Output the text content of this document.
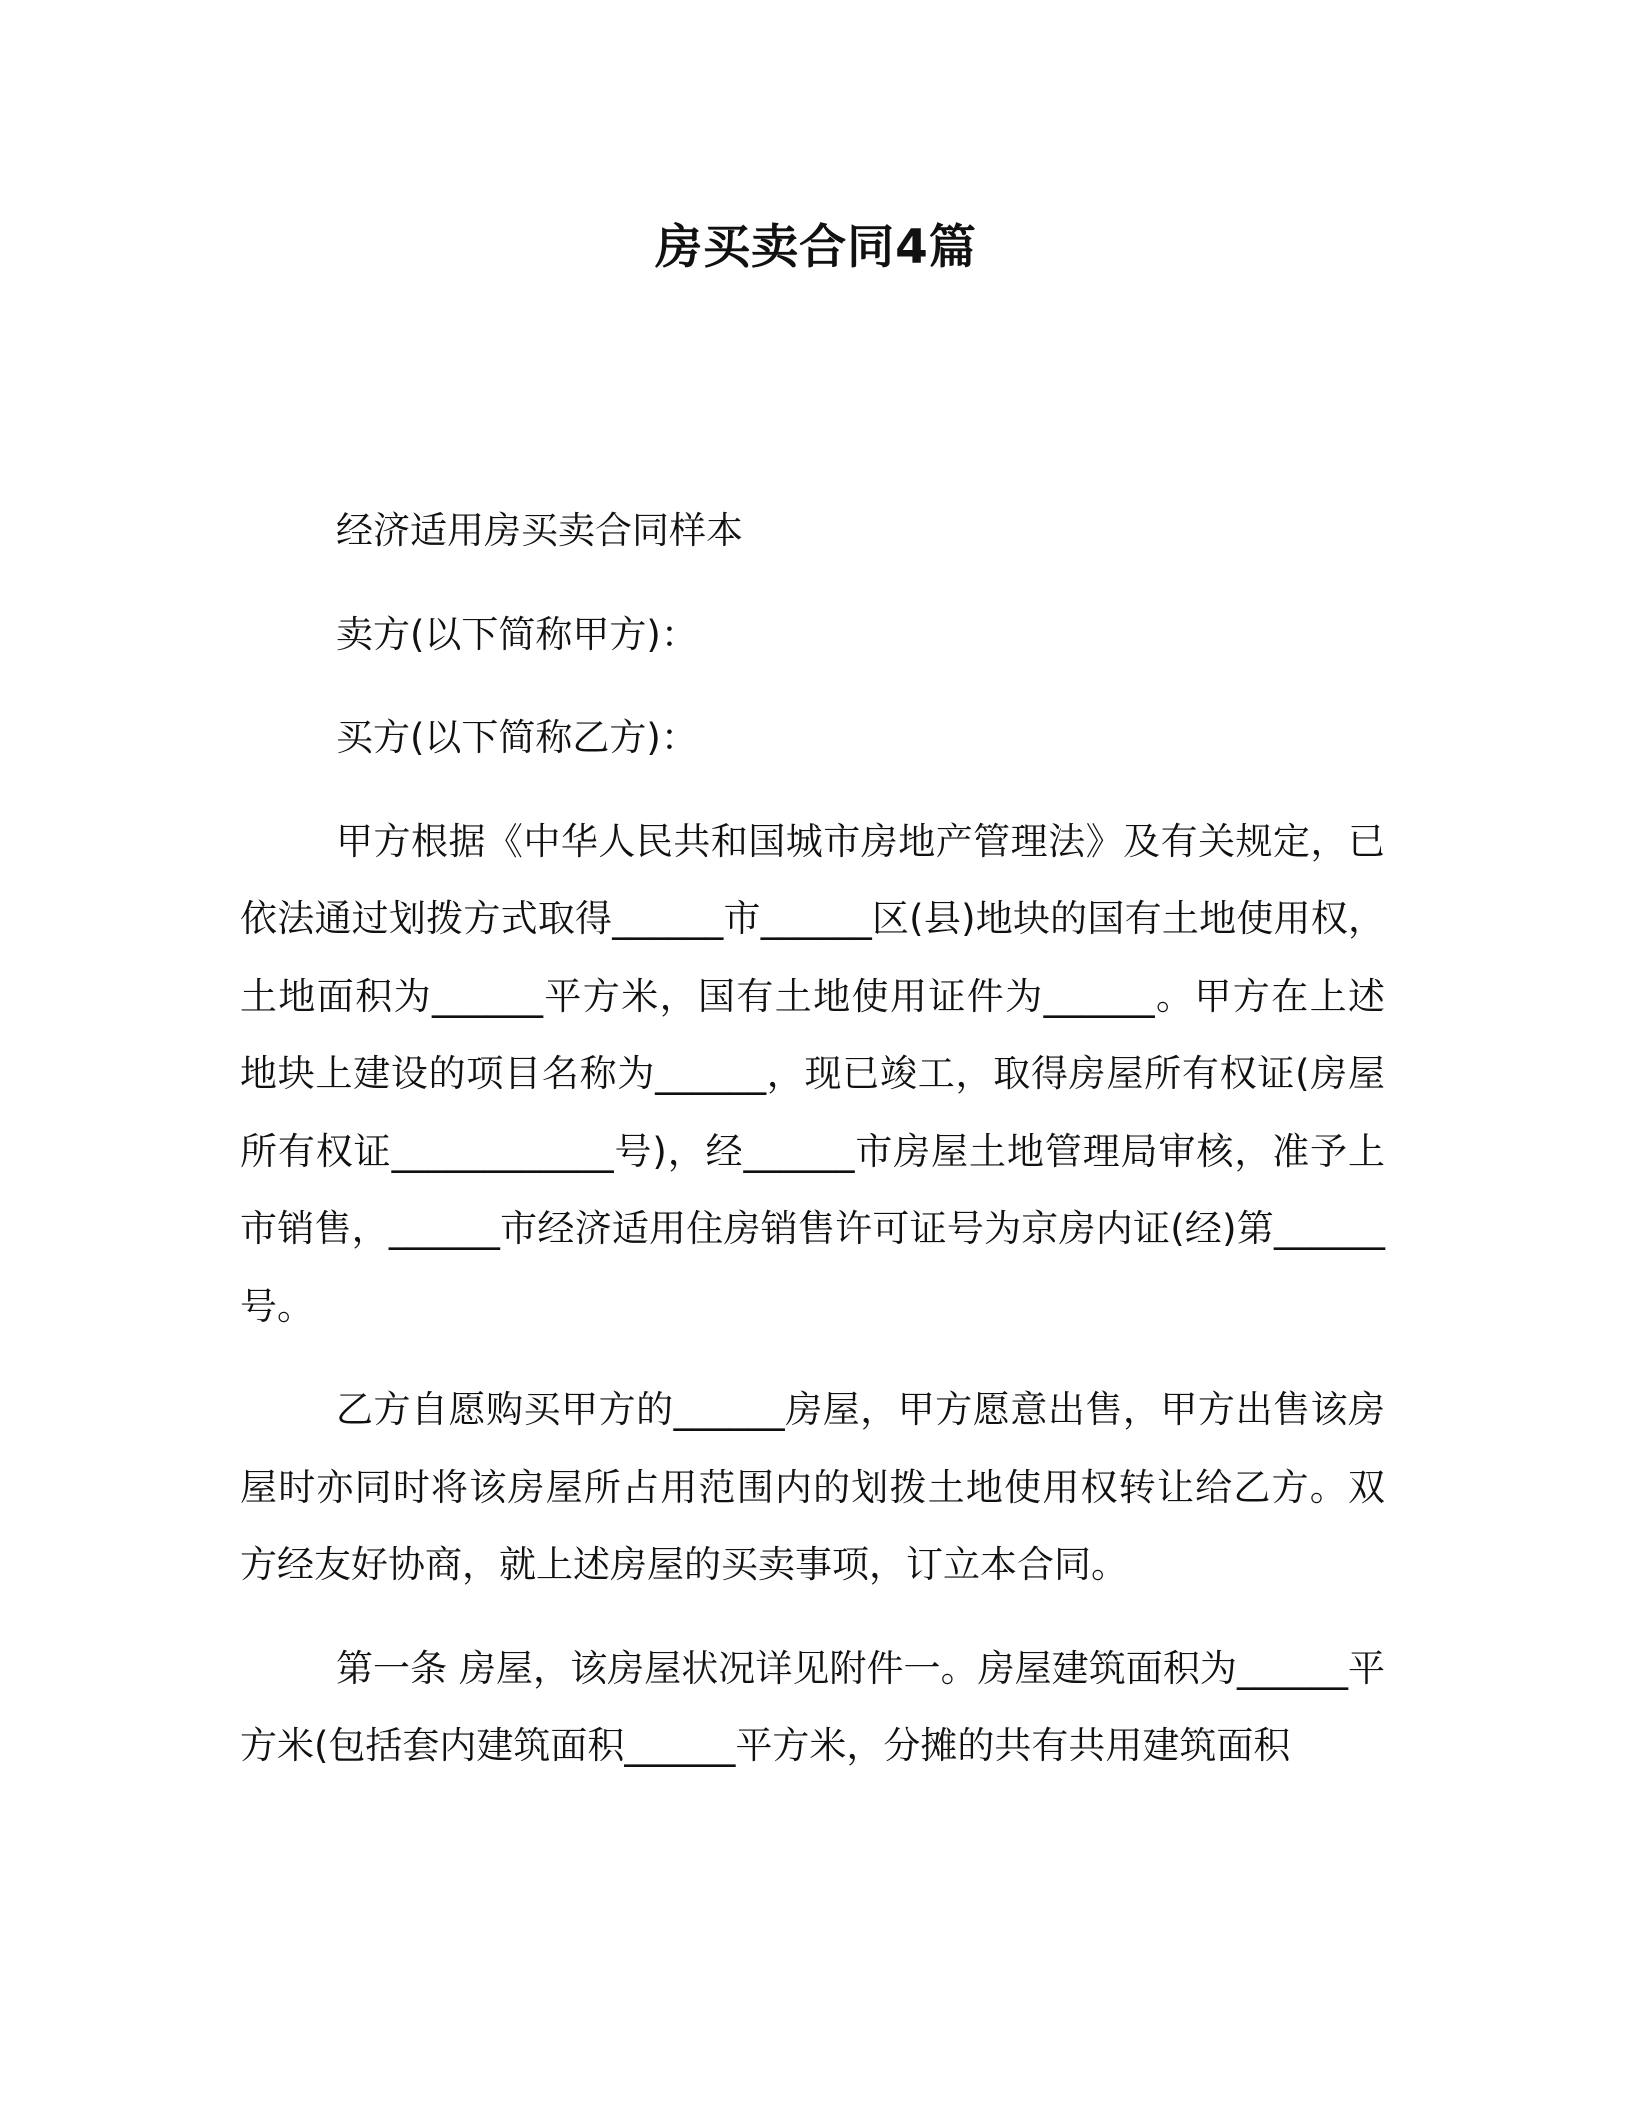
房买卖合同4篇

经济适用房买卖合同样本

卖方(以下简称甲方)：

买方(以下简称乙方)：

甲方根据《中华人民共和国城市房地产管理法》及有关规定，已依法通过划拨方式取得______市______区(县)地块的国有土地使用权，土地面积为______平方米，国有土地使用证件为______。甲方在上述地块上建设的项目名称为______，现已竣工，取得房屋所有权证(房屋所有权证____________号)，经______市房屋土地管理局审核，准予上市销售，______市经济适用住房销售许可证号为京房内证(经)第______号。

乙方自愿购买甲方的______房屋，甲方愿意出售，甲方出售该房屋时亦同时将该房屋所占用范围内的划拨土地使用权转让给乙方。双方经友好协商，就上述房屋的买卖事项，订立本合同。

第一条 房屋，该房屋状况详见附件一。房屋建筑面积为______平方米(包括套内建筑面积______平方米，分摊的共有共用建筑面积
